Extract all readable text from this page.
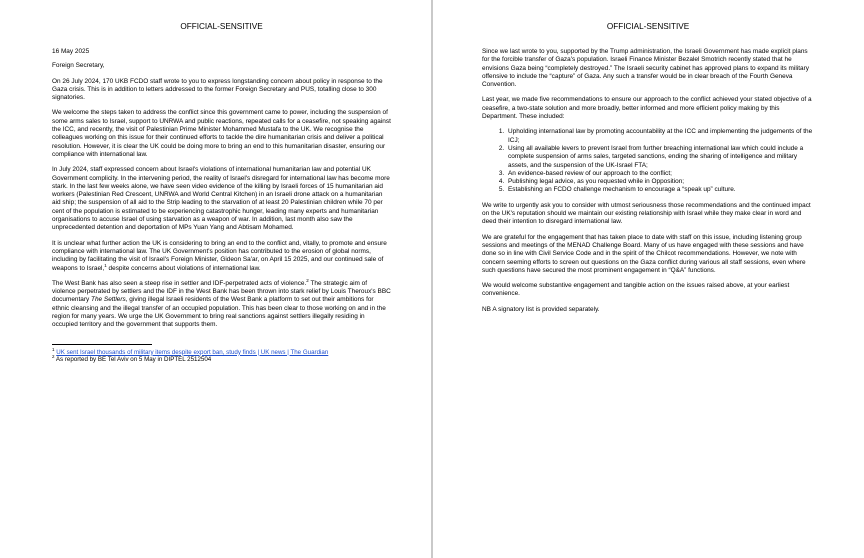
OFFICIAL-SENSITIVE

16 May 2025

Foreign Secretary,

On 26 July 2024, 170 UKB FCDO staff wrote to you to express longstanding concern about policy in response to the Gaza crisis. This is in addition to letters addressed to the former Foreign Secretary and PUS, totalling close to 300 signatories.

We welcome the steps taken to address the conflict since this government came to power, including the suspension of some arms sales to Israel, support to UNRWA and public reactions, repeated calls for a ceasefire, not speaking against the ICC, and recently, the visit of Palestinian Prime Minister Mohammed Mustafa to the UK. We recognise the colleagues working on this issue for their continued efforts to tackle the dire humanitarian crisis and deliver a political resolution. However, it is clear the UK could be doing more to bring an end to this humanitarian disaster, ensuring our compliance with international law.

In July 2024, staff expressed concern about Israel's violations of international humanitarian law and potential UK Government complicity. In the intervening period, the reality of Israel's disregard for international law has become more stark. In the last few weeks alone, we have seen video evidence of the killing by Israeli forces of 15 humanitarian aid workers (Palestinian Red Crescent, UNRWA and World Central Kitchen) in an Israeli drone attack on a humanitarian aid ship; the suspension of all aid to the Strip leading to the starvation of at least 20 Palestinian children while 70 per cent of the population is estimated to be experiencing catastrophic hunger, leading many experts and humanitarian organisations to accuse Israel of using starvation as a weapon of war. In addition, last month also saw the unprecedented detention and deportation of MPs Yuan Yang and Abtisam Mohamed.

It is unclear what further action the UK is considering to bring an end to the conflict and, vitally, to promote and ensure compliance with international law. The UK Government's position has contributed to the erosion of global norms, including by facilitating the visit of Israel's Foreign Minister, Gideon Sa'ar, on April 15 2025, and our continued sale of weapons to Israel,$^1$ despite concerns about violations of international law.

The West Bank has also seen a steep rise in settler and IDF-perpetrated acts of violence.$^2$ The strategic aim of violence perpetrated by settlers and the IDF in the West Bank has been thrown into stark relief by Louis Theroux's BBC documentary The Settlers, giving illegal Israeli residents of the West Bank a platform to set out their ambitions for ethnic cleansing and the illegal transfer of an occupied population. This has been clear to those working on and in the region for many years. We urge the UK Government to bring real sanctions against settlers illegally residing in occupied territory and the government that supports them.

$^1$ UK sent Israel thousands of military items despite export ban, study finds | UK news | The Guardian

$^2$ As reported by BE Tel Aviv on 5 May in DIPTEL 2512504

OFFICIAL-SENSITIVE

Since we last wrote to you, supported by the Trump administration, the Israeli Government has made explicit plans for the forcible transfer of Gaza's population. Israeli Finance Minister Bezalel Smotrich recently stated that he envisions Gaza being “completely destroyed.” The Israeli security cabinet has approved plans to expand its military offensive to include the “capture” of Gaza. Any such a transfer would be in clear breach of the Fourth Geneva Convention.

Last year, we made five recommendations to ensure our approach to the conflict achieved your stated objective of a ceasefire, a two-state solution and more broadly, better informed and more efficient policy making by this Department. These included:

1. Upholding international law by promoting accountability at the ICC and implementing the judgements of the ICJ;
2. Using all available levers to prevent Israel from further breaching international law which could include a complete suspension of arms sales, targeted sanctions, ending the sharing of intelligence and military assets, and the suspension of the UK-Israel FTA;
3. An evidence-based review of our approach to the conflict;
4. Publishing legal advice, as you requested while in Opposition;
5. Establishing an FCDO challenge mechanism to encourage a “speak up” culture.

We write to urgently ask you to consider with utmost seriousness those recommendations and the continued impact on the UK's reputation should we maintain our existing relationship with Israel while they make clear in word and deed their intention to disregard international law.

We are grateful for the engagement that has taken place to date with staff on this issue, including listening group sessions and meetings of the MENAD Challenge Board. Many of us have engaged with these sessions and have done so in line with Civil Service Code and in the spirit of the Chilcot recommendations. However, we note with concern seeming efforts to screen out questions on the Gaza conflict during various all staff sessions, even where such questions have secured the most prominent engagement in “Q&A” functions.

We would welcome substantive engagement and tangible action on the issues raised above, at your earliest convenience.

NB A signatory list is provided separately.
